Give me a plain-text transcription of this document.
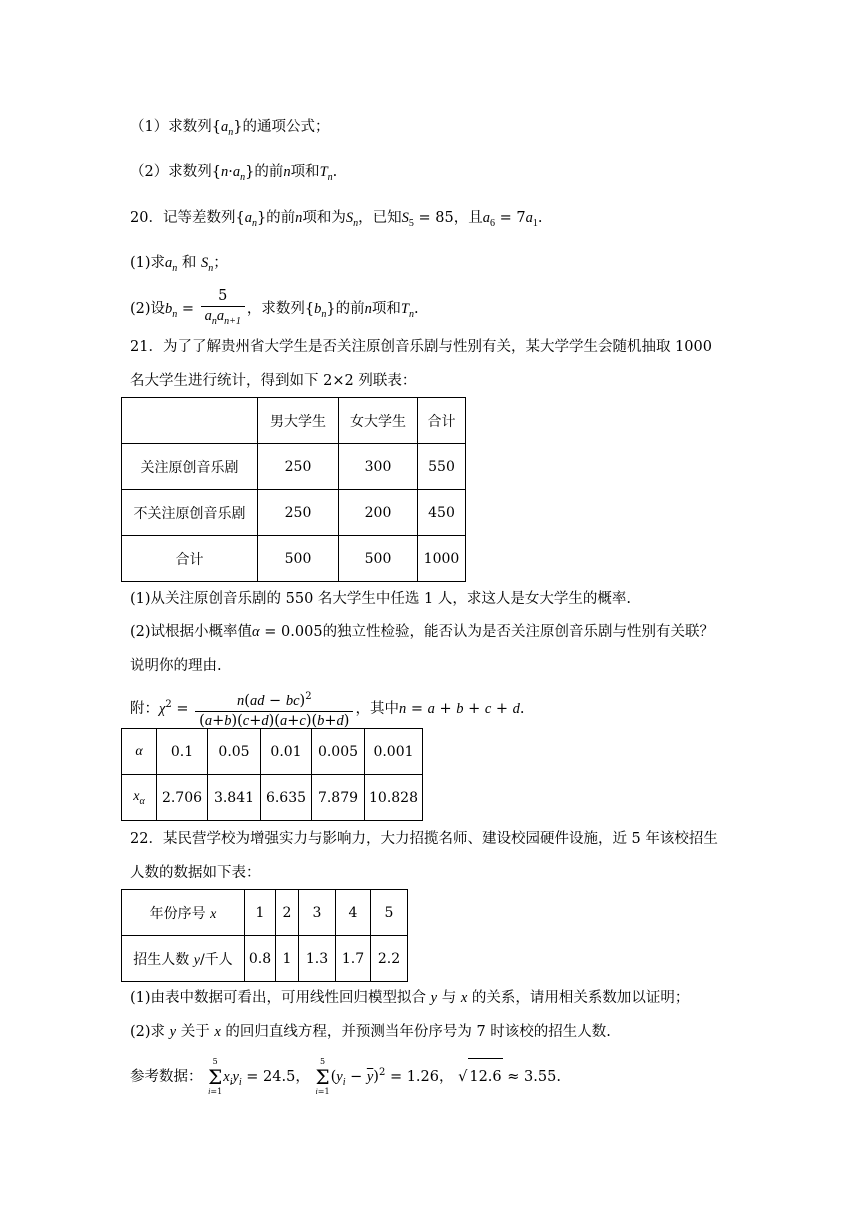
（1）求数列$\{a_n\}$的通项公式；
（2）求数列$\{n\cdot a_n\}$的前n项和$T_n$.
20．记等差数列$\{a_n\}$的前n项和为$S_n$，已知$S_5 = 85$，且$a_6 = 7a_1$.
(1)求$a_n$ 和 $S_n$；
(2)设$b_n = \frac{5}{a_na_{n+1}}$ ，求数列$\{b_n\}$的前n项和$T_n$.
21．为了了解贵州省大学生是否关注原创音乐剧与性别有关，某大学学生会随机抽取 1000
名大学生进行统计，得到如下 2×2 列联表：
	男大学生	女大学生	合计
关注原创音乐剧	250	300	550
不关注原创音乐剧	250	200	450
合计	500	500	1000
(1)从关注原创音乐剧的 550 名大学生中任选 1 人，求这人是女大学生的概率.
(2)试根据小概率值α = 0.005的独立性检验，能否认为是否关注原创音乐剧与性别有关联？
说明你的理由.
附：$\chi^2 = \frac{n(ad - bc)^2}{(a+b)(c+d)(a+c)(b+d)}$ ，其中n = a + b + c + d.
α	0.1	0.05	0.01	0.005	0.001
$x_\alpha$	2.706	3.841	6.635	7.879	10.828
22．某民营学校为增强实力与影响力，大力招揽名师、建设校园硬件设施，近 5 年该校招生
人数的数据如下表：
年份序号 x	1	2	3	4	5
招生人数 y/千人	0.8	1	1.3	1.7	2.2
(1)由表中数据可看出，可用线性回归模型拟合 y 与 x 的关系，请用相关系数加以证明；
(2)求 y 关于 x 的回归直线方程，并预测当年份序号为 7 时该校的招生人数.
参考数据：
5
Σ
i=1
$x_iy_i = 24.5$，
5
Σ
i=1
$(y_i - \overline{y})^2 = 1.26$， √ 12.6 ≈ 3.55.
